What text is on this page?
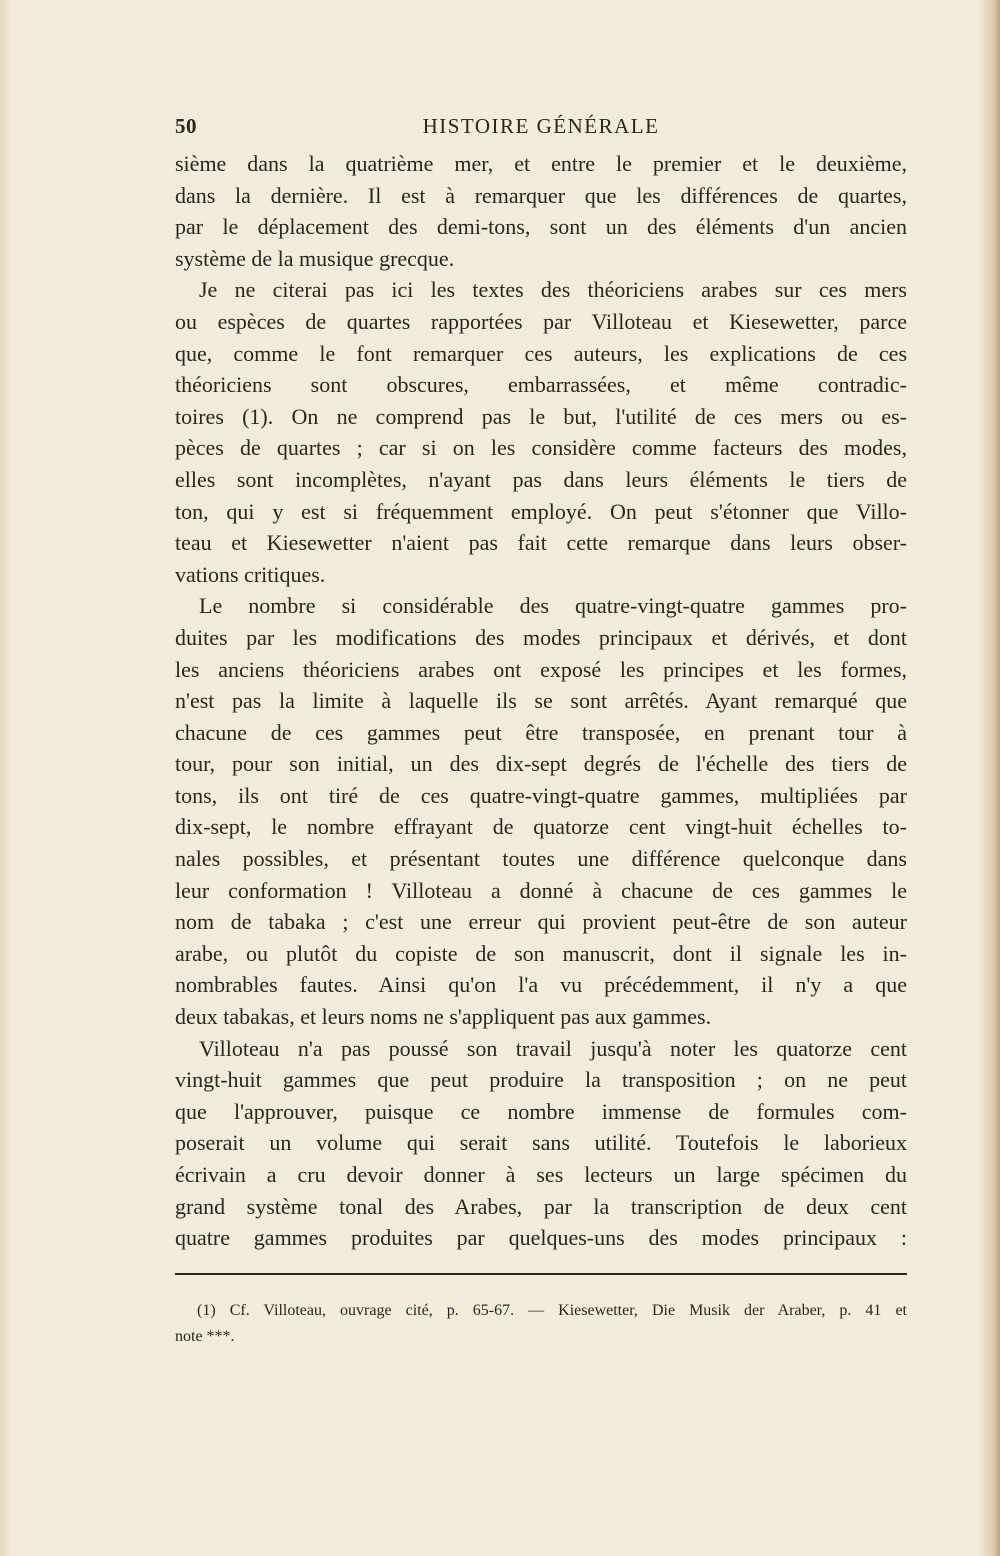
50	HISTOIRE GÉNÉRALE
sième dans la quatrième mer, et entre le premier et le deuxième,
dans la dernière. Il est à remarquer que les différences de quartes,
par le déplacement des demi-tons, sont un des éléments d'un ancien
système de la musique grecque.
Je ne citerai pas ici les textes des théoriciens arabes sur ces mers
ou espèces de quartes rapportées par Villoteau et Kiesewetter, parce
que, comme le font remarquer ces auteurs, les explications de ces
théoriciens sont obscures, embarrassées, et même contradic-
toires (1). On ne comprend pas le but, l'utilité de ces mers ou es-
pèces de quartes ; car si on les considère comme facteurs des modes,
elles sont incomplètes, n'ayant pas dans leurs éléments le tiers de
ton, qui y est si fréquemment employé. On peut s'étonner que Villo-
teau et Kiesewetter n'aient pas fait cette remarque dans leurs obser-
vations critiques.
Le nombre si considérable des quatre-vingt-quatre gammes pro-
duites par les modifications des modes principaux et dérivés, et dont
les anciens théoriciens arabes ont exposé les principes et les formes,
n'est pas la limite à laquelle ils se sont arrêtés. Ayant remarqué que
chacune de ces gammes peut être transposée, en prenant tour à
tour, pour son initial, un des dix-sept degrés de l'échelle des tiers de
tons, ils ont tiré de ces quatre-vingt-quatre gammes, multipliées par
dix-sept, le nombre effrayant de quatorze cent vingt-huit échelles to-
nales possibles, et présentant toutes une différence quelconque dans
leur conformation ! Villoteau a donné à chacune de ces gammes le
nom de tabaka ; c'est une erreur qui provient peut-être de son auteur
arabe, ou plutôt du copiste de son manuscrit, dont il signale les in-
nombrables fautes. Ainsi qu'on l'a vu précédemment, il n'y a que
deux tabakas, et leurs noms ne s'appliquent pas aux gammes.
Villoteau n'a pas poussé son travail jusqu'à noter les quatorze cent
vingt-huit gammes que peut produire la transposition ; on ne peut
que l'approuver, puisque ce nombre immense de formules com-
poserait un volume qui serait sans utilité. Toutefois le laborieux
écrivain a cru devoir donner à ses lecteurs un large spécimen du
grand système tonal des Arabes, par la transcription de deux cent
quatre gammes produites par quelques-uns des modes principaux :
(1) Cf. Villoteau, ouvrage cité, p. 65-67. — Kiesewetter, Die Musik der Araber, p. 41 et
note ***.
